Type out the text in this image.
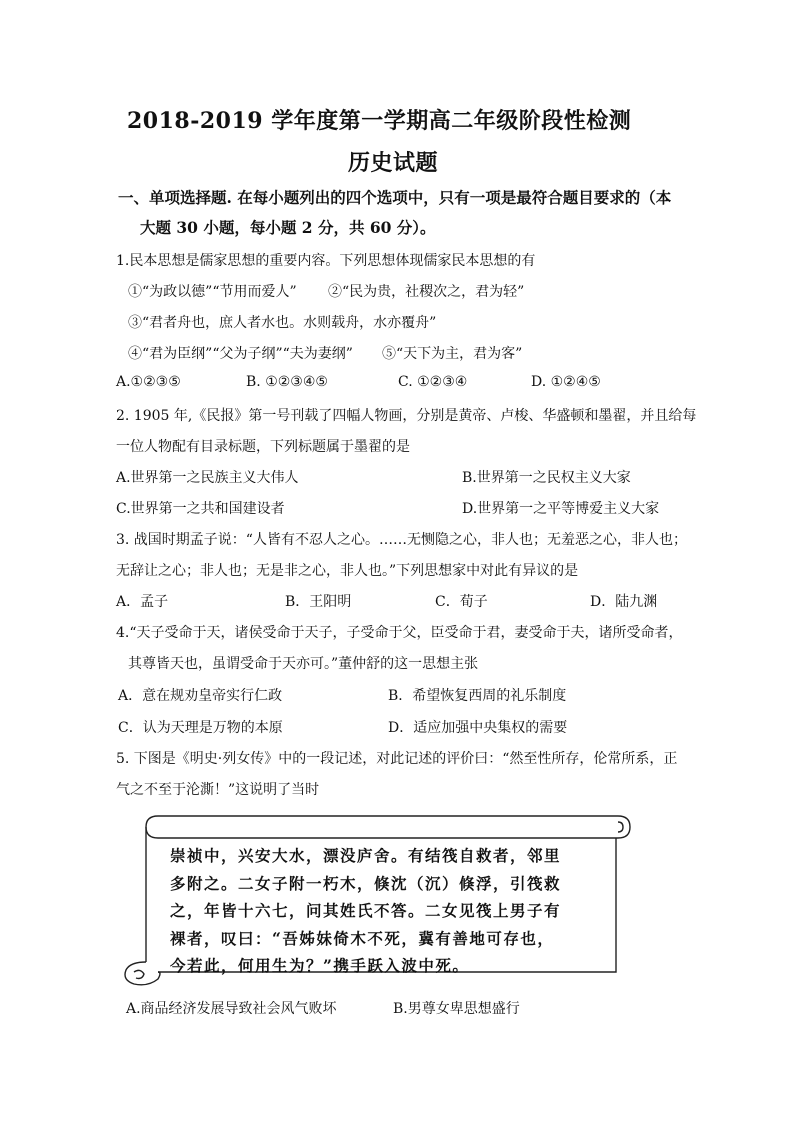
2018-2019 学年度第一学期高二年级阶段性检测
历史试题
一、单项选择题. 在每小题列出的四个选项中，只有一项是最符合题目要求的（本
大题 30 小题，每小题 2 分，共 60 分）。
1.民本思想是儒家思想的重要内容。下列思想体现儒家民本思想的有
①“为政以德”“节用而爱人” ②“民为贵，社稷次之，君为轻”
③“君者舟也，庶人者水也。水则载舟，水亦覆舟”
④“君为臣纲”“父为子纲”“夫为妻纲” ⑤“天下为主，君为客”
A.①②③⑤	B. ①②③④⑤	C. ①②③④	D. ①②④⑤
2. 1905 年,《民报》第一号刊载了四幅人物画，分别是黄帝、卢梭、华盛顿和墨翟，并且给每
一位人物配有目录标题，下列标题属于墨翟的是
A.世界第一之民族主义大伟人	B.世界第一之民权主义大家
C.世界第一之共和国建设者	D.世界第一之平等博爱主义大家
3. 战国时期孟子说：“人皆有不忍人之心。……无恻隐之心，非人也；无羞恶之心，非人也；
无辞让之心；非人也；无是非之心，非人也。”下列思想家中对此有异议的是
A．孟子	B．王阳明	C．荀子	D．陆九渊
4.“天子受命于天，诸侯受命于天子，子受命于父，臣受命于君，妻受命于夫，诸所受命者，
其尊皆天也，虽谓受命于天亦可。”董仲舒的这一思想主张
A．意在规劝皇帝实行仁政	B．希望恢复西周的礼乐制度
C．认为天理是万物的本原	D．适应加强中央集权的需要
5. 下图是《明史·列女传》中的一段记述，对此记述的评价曰：“然至性所存，伦常所系，正
气之不至于沦澌！”这说明了当时
崇祯中，兴安大水，漂没庐舍。有结筏自救者，邻里多附之。二女子附一朽木，倏沈（沉）倏浮，引筏救之，年皆十六七，问其姓氏不答。二女见筏上男子有裸者，叹曰：“吾姊妹倚木不死，冀有善地可存也，今若此，何用生为？”携手跃入波中死。
A.商品经济发展导致社会风气败坏	B.男尊女卑思想盛行
